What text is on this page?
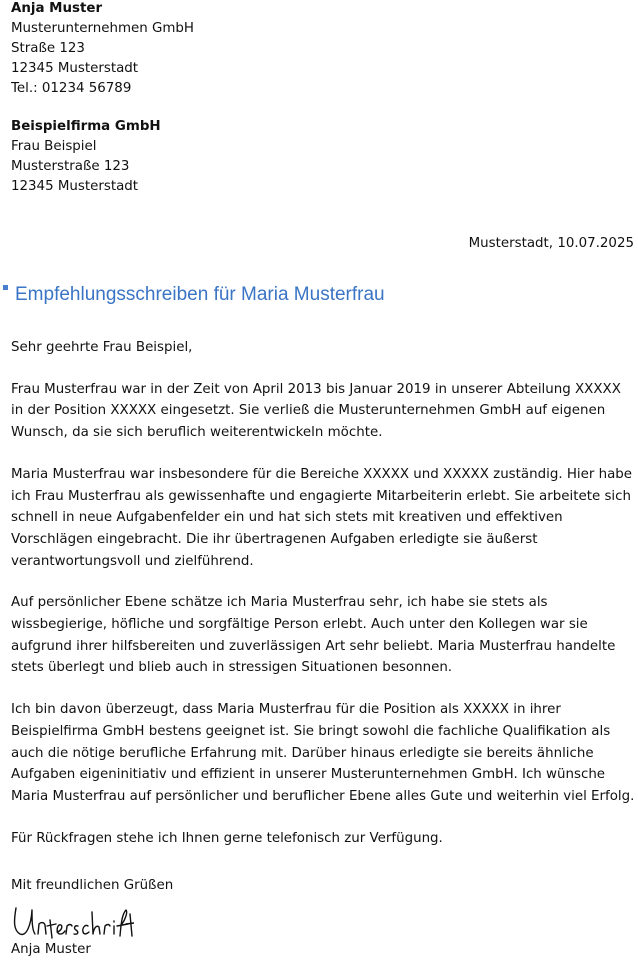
Anja Muster
Musterunternehmen GmbH
Straße 123
12345 Musterstadt
Tel.: 01234 56789
Beispielfirma GmbH
Frau Beispiel
Musterstraße 123
12345 Musterstadt
Musterstadt, 10.07.2025
Empfehlungsschreiben für Maria Musterfrau

Sehr geehrte Frau Beispiel,

Frau Musterfrau war in der Zeit von April 2013 bis Januar 2019 in unserer Abteilung XXXXX in der Position XXXXX eingesetzt. Sie verließ die Musterunternehmen GmbH auf eigenen Wunsch, da sie sich beruflich weiterentwickeln möchte.

Maria Musterfrau war insbesondere für die Bereiche XXXXX und XXXXX zuständig. Hier habe ich Frau Musterfrau als gewissenhafte und engagierte Mitarbeiterin erlebt. Sie arbeitete sich schnell in neue Aufgabenfelder ein und hat sich stets mit kreativen und effektiven Vorschlägen eingebracht. Die ihr übertragenen Aufgaben erledigte sie äußerst verantwortungsvoll und zielführend.

Auf persönlicher Ebene schätze ich Maria Musterfrau sehr, ich habe sie stets als wissbegierige, höfliche und sorgfältige Person erlebt. Auch unter den Kollegen war sie aufgrund ihrer hilfsbereiten und zuverlässigen Art sehr beliebt. Maria Musterfrau handelte stets überlegt und blieb auch in stressigen Situationen besonnen.

Ich bin davon überzeugt, dass Maria Musterfrau für die Position als XXXXX in ihrer Beispielfirma GmbH bestens geeignet ist. Sie bringt sowohl die fachliche Qualifikation als auch die nötige berufliche Erfahrung mit. Darüber hinaus erledigte sie bereits ähnliche Aufgaben eigeninitiativ und effizient in unserer Musterunternehmen GmbH. Ich wünsche Maria Musterfrau auf persönlicher und beruflicher Ebene alles Gute und weiterhin viel Erfolg.

Für Rückfragen stehe ich Ihnen gerne telefonisch zur Verfügung.

Mit freundlichen Grüßen
Anja Muster
